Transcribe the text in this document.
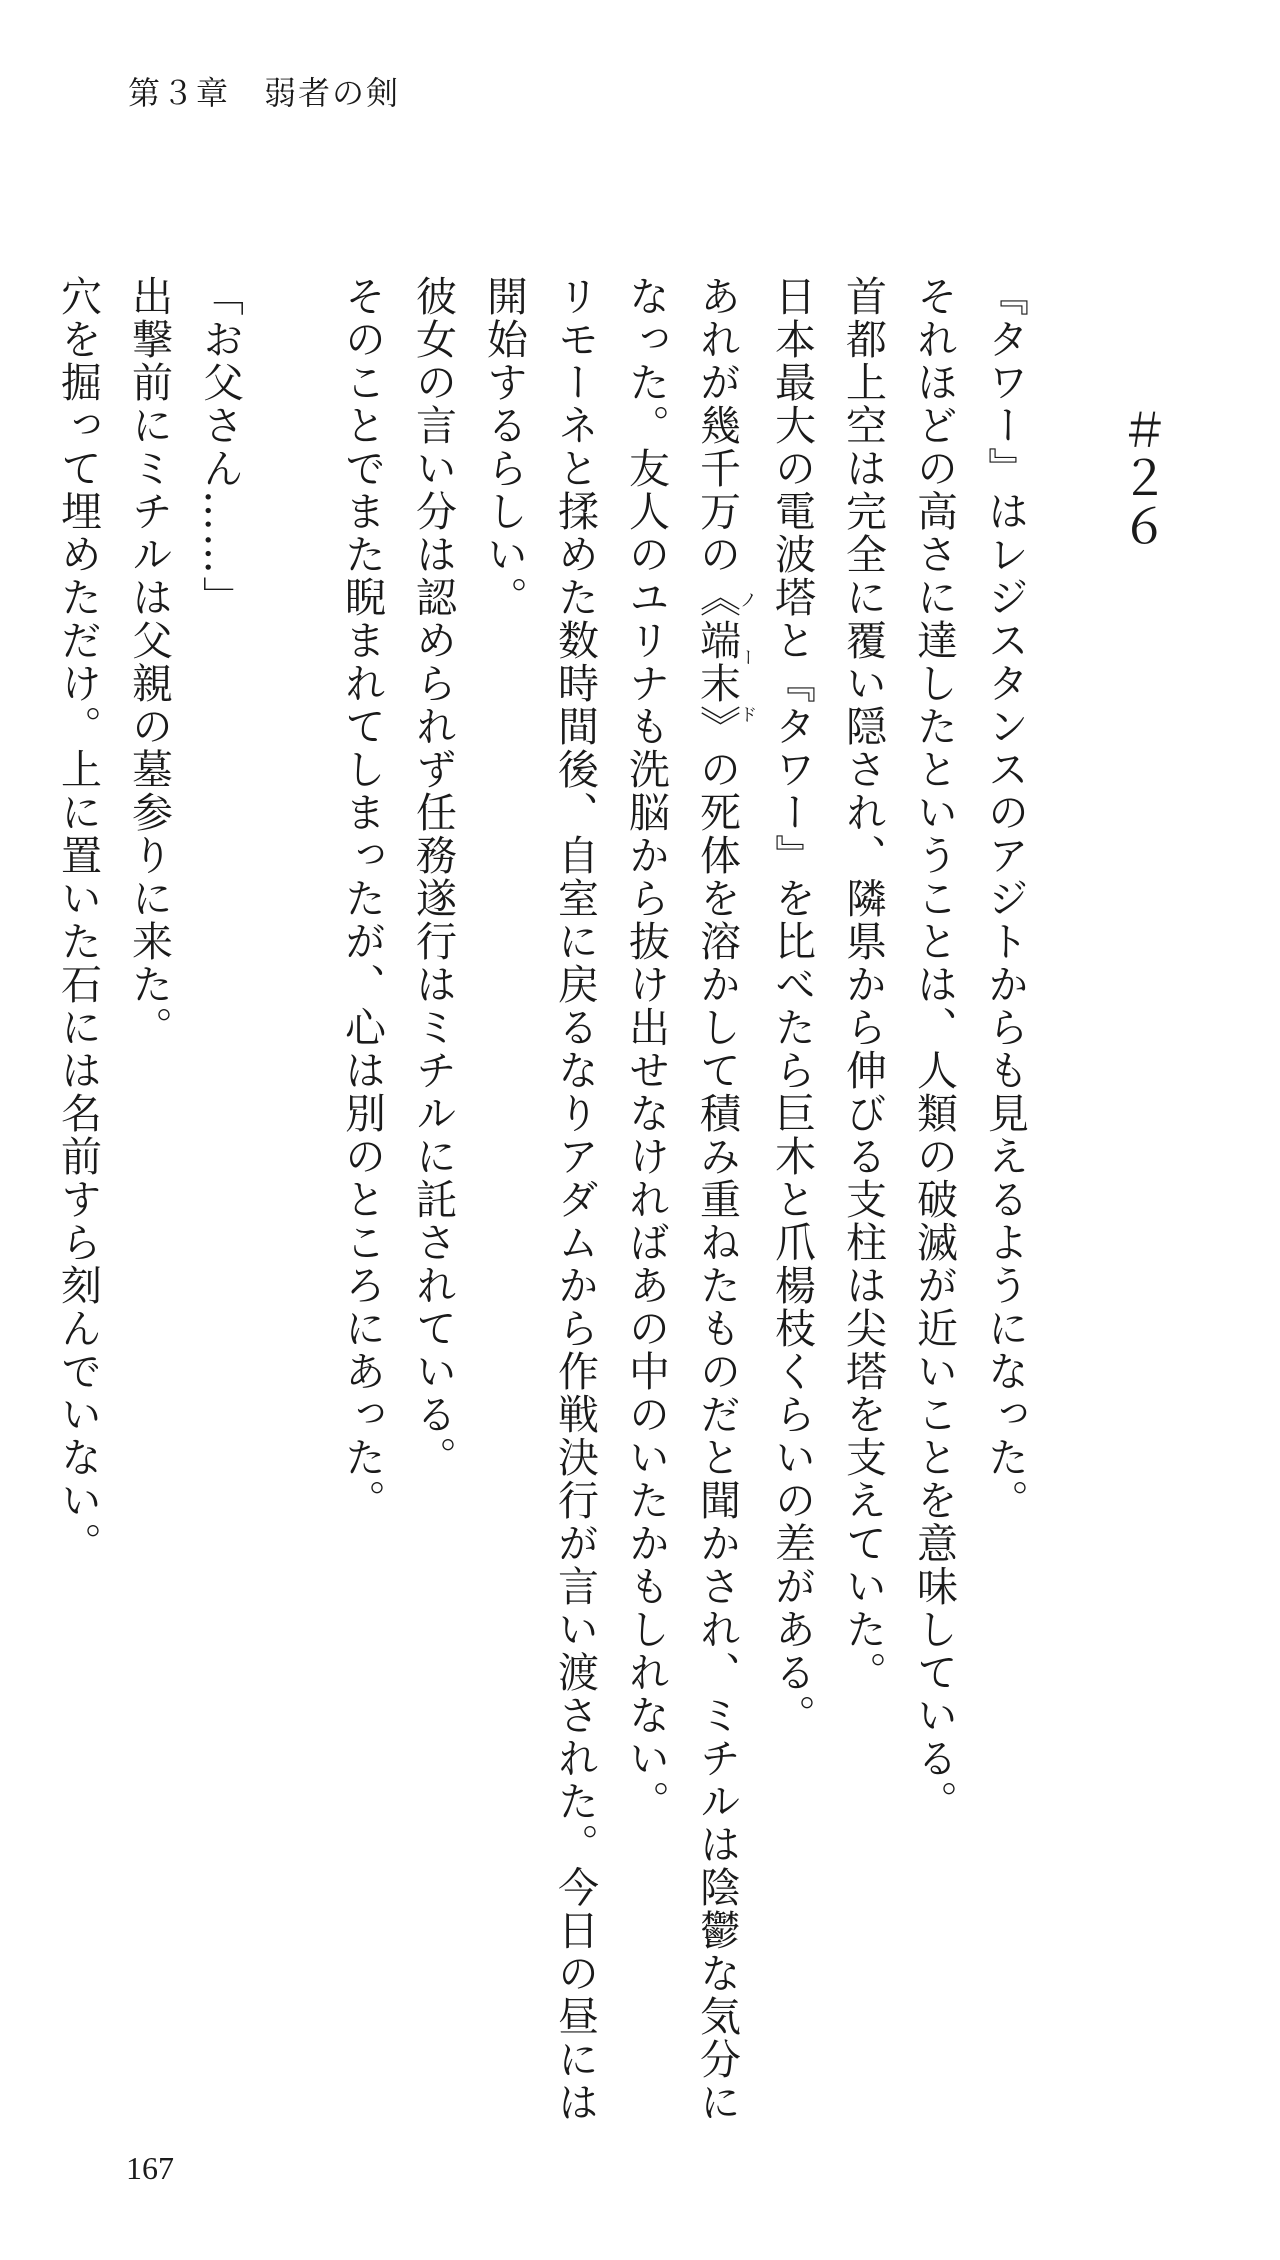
第３章　弱者の剣
＃２６
『タワー』はレジスタンスのアジトからも見えるようになった。
それほどの高さに達したということは、人類の破滅が近いことを意味している。
首都上空は完全に覆い隠され、隣県から伸びる支柱は尖塔を支えていた。
日本最大の電波塔と『タワー』を比べたら巨木と爪楊枝くらいの差がある。
あれが幾千万の《端末》ノードの死体を溶かして積み重ねたものだと聞かされ、ミチルは陰鬱な気分に
なった。友人のユリナも洗脳から抜け出せなければあの中のいたかもしれない。
リモーネと揉めた数時間後、自室に戻るなりアダムから作戦決行が言い渡された。今日の昼には
開始するらしい。
彼女の言い分は認められず任務遂行はミチルに託されている。
そのことでまた睨まれてしまったが、心は別のところにあった。
「お父さん……」
出撃前にミチルは父親の墓参りに来た。
穴を掘って埋めただけ。上に置いた石には名前すら刻んでいない。
167
